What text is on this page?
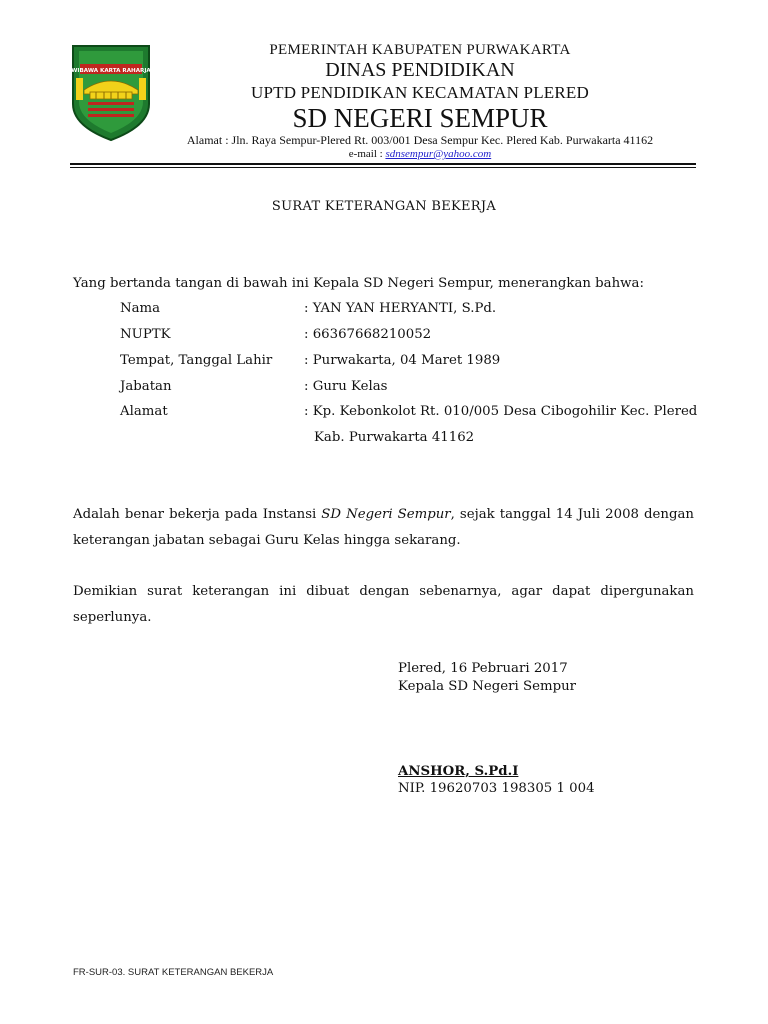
WIBAWA KARTA RAHARJA
PEMERINTAH KABUPATEN PURWAKARTA
DINAS PENDIDIKAN
UPTD PENDIDIKAN KECAMATAN PLERED
SD NEGERI SEMPUR
Alamat : Jln. Raya Sempur-Plered Rt. 003/001 Desa Sempur Kec. Plered Kab. Purwakarta 41162
e-mail : sdnsempur@yahoo.com
SURAT KETERANGAN BEKERJA
Yang bertanda tangan di bawah ini Kepala SD Negeri Sempur, menerangkan bahwa:
Nama	: YAN YAN HERYANTI, S.Pd.
NUPTK	: 66367668210052
Tempat, Tanggal Lahir : Purwakarta, 04 Maret 1989
Jabatan	: Guru Kelas
Alamat	: Kp. Kebonkolot Rt. 010/005 Desa Cibogohilir Kec. Plered
Kab. Purwakarta 41162
Adalah benar bekerja pada Instansi SD Negeri Sempur, sejak tanggal 14 Juli 2008 dengan keterangan jabatan sebagai Guru Kelas hingga sekarang.
Demikian surat keterangan ini dibuat dengan sebenarnya, agar dapat dipergunakan seperlunya.
Plered, 16 Pebruari 2017
Kepala SD Negeri Sempur
ANSHOR, S.Pd.I
NIP. 19620703 198305 1 004
FR-SUR-03. SURAT KETERANGAN BEKERJA
